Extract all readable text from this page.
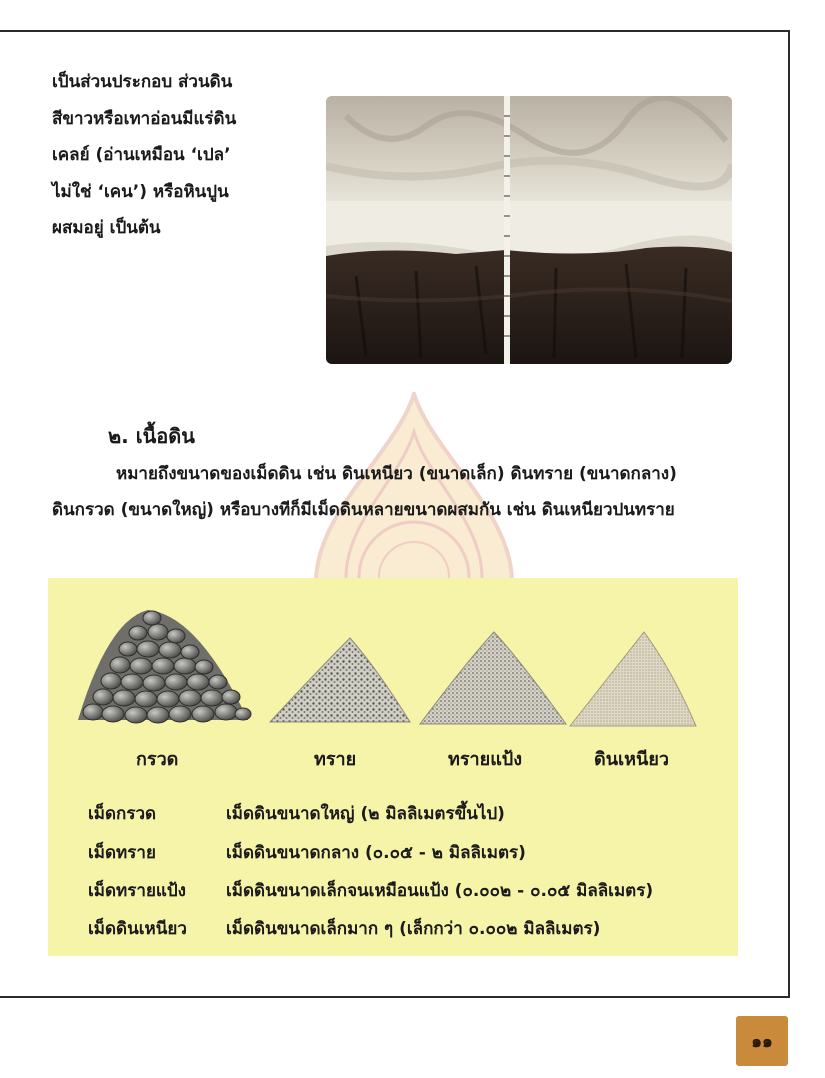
เป็นส่วนประกอบ ส่วนดิน
สีขาวหรือเทาอ่อนมีแร่ดิน
เคลย์ (อ่านเหมือน ‘เปล’
ไม่ใช่ ‘เคน’) หรือหินปูน
ผสมอยู่ เป็นต้น

๒. เนื้อดิน
หมายถึงขนาดของเม็ดดิน เช่น ดินเหนียว (ขนาดเล็ก) ดินทราย (ขนาดกลาง)
ดินกรวด (ขนาดใหญ่) หรือบางทีก็มีเม็ดดินหลายขนาดผสมกัน เช่น ดินเหนียวปนทราย
กรวด	ทราย	ทรายแป้ง	ดินเหนียว
เม็ดกรวด	เม็ดดินขนาดใหญ่ (๒ มิลลิเมตรขึ้นไป)
เม็ดทราย	เม็ดดินขนาดกลาง (๐.๐๕ - ๒ มิลลิเมตร)
เม็ดทรายแป้ง เม็ดดินขนาดเล็กจนเหมือนแป้ง (๐.๐๐๒ - ๐.๐๕ มิลลิเมตร)
เม็ดดินเหนียว เม็ดดินขนาดเล็กมาก ๆ (เล็กกว่า ๐.๐๐๒ มิลลิเมตร)
๑๑
